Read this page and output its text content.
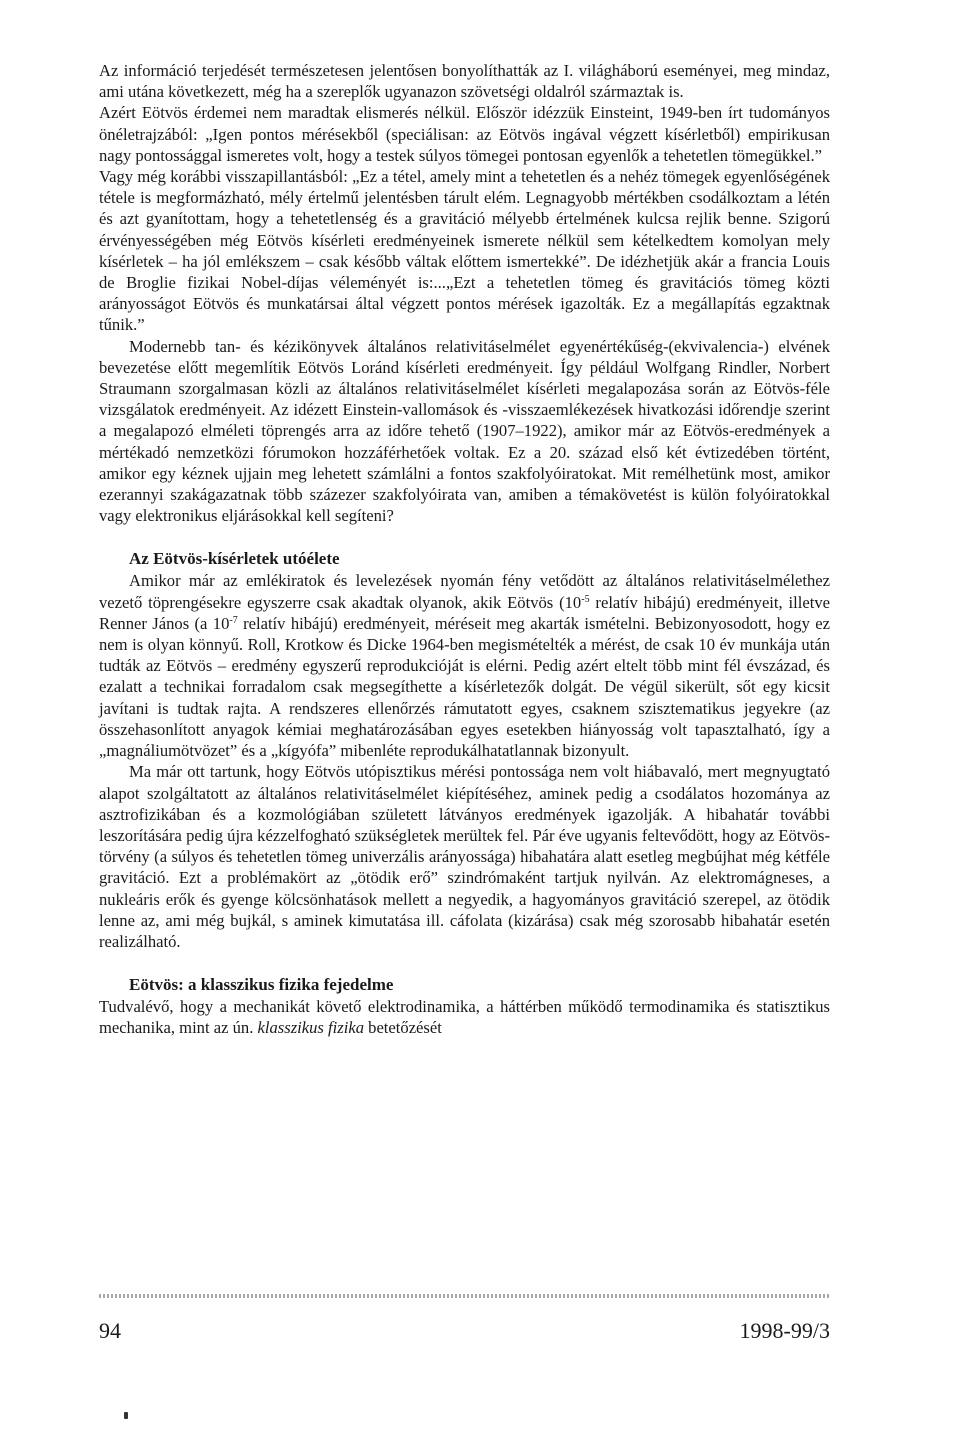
Az információ terjedését természetesen jelentősen bonyolíthatták az I. világháború eseményei, meg mindaz, ami utána következett, még ha a szereplők ugyanazon szövetségi oldalról származtak is.

Azért Eötvös érdemei nem maradtak elismerés nélkül. Először idézzük Einsteint, 1949-ben írt tudományos önéletrajzából: „Igen pontos mérésekből (speciálisan: az Eötvös ingával végzett kísérletből) empirikusan nagy pontossággal ismeretes volt, hogy a testek súlyos tömegei pontosan egyenlők a tehetetlen tömegükkel.”

Vagy még korábbi visszapillantásból: „Ez a tétel, amely mint a tehetetlen és a nehéz tömegek egyenlőségének tétele is megformázható, mély értelmű jelentésben tárult elém. Legnagyobb mértékben csodálkoztam a létén és azt gyanítottam, hogy a tehetetlenség és a gravitáció mélyebb értelmének kulcsa rejlik benne. Szigorú érvényességében még Eötvös kísérleti eredményeinek ismerete nélkül sem kételkedtem komolyan mely kísérletek – ha jól emlékszem – csak később váltak előttem ismertekké”. De idézhetjük akár a francia Louis de Broglie fizikai Nobel-díjas véleményét is:...„Ezt a tehetetlen tömeg és gravitációs tömeg közti arányosságot Eötvös és munkatársai által végzett pontos mérések igazolták. Ez a megállapítás egzaktnak tűnik.”

Modernebb tan- és kézikönyvek általános relativitáselmélet egyenértékűség-(ekvivalencia-) elvének bevezetése előtt megemlítik Eötvös Loránd kísérleti eredményeit. Így például Wolfgang Rindler, Norbert Straumann szorgalmasan közli az általános relativitáselmélet kísérleti megalapozása során az Eötvös-féle vizsgálatok eredményeit. Az idézett Einstein-vallomások és -visszaemlékezések hivatkozási időrendje szerint a megalapozó elméleti töprengés arra az időre tehető (1907–1922), amikor már az Eötvös-eredmények a mértékadó nemzetközi fórumokon hozzáférhetőek voltak. Ez a 20. század első két évtizedében történt, amikor egy kéznek ujjain meg lehetett számlálni a fontos szakfolyóiratokat. Mit remélhetünk most, amikor ezerannyi szakágazatnak több százezer szakfolyóirata van, amiben a témakövetést is külön folyóiratokkal vagy elektronikus eljárásokkal kell segíteni?

Az Eötvös-kísérletek utóélete

Amikor már az emlékiratok és levelezések nyomán fény vetődött az általános relativitáselmélethez vezető töprengésekre egyszerre csak akadtak olyanok, akik Eötvös ($10^{-5}$ relatív hibájú) eredményeit, illetve Renner János (a $10^{-7}$ relatív hibájú) eredményeit, méréseit meg akarták ismételni. Bebizonyosodott, hogy ez nem is olyan könnyű. Roll, Krotkow és Dicke 1964-ben megismételték a mérést, de csak 10 év munkája után tudták az Eötvös – eredmény egyszerű reprodukcióját is elérni. Pedig azért eltelt több mint fél évszázad, és ezalatt a technikai forradalom csak megsegíthette a kísérletezők dolgát. De végül sikerült, sőt egy kicsit javítani is tudtak rajta. A rendszeres ellenőrzés rámutatott egyes, csaknem szisztematikus jegyekre (az összehasonlított anyagok kémiai meghatározásában egyes esetekben hiányosság volt tapasztalható, így a „magnáliumötvözet” és a „kígyófa” mibenléte reprodukálhatatlannak bizonyult.

Ma már ott tartunk, hogy Eötvös utópisztikus mérési pontossága nem volt hiábavaló, mert megnyugtató alapot szolgáltatott az általános relativitáselmélet kiépítéséhez, aminek pedig a csodálatos hozománya az asztrofizikában és a kozmológiában született látványos eredmények igazolják. A hibahatár további leszorítására pedig újra kézzelfogható szükségletek merültek fel. Pár éve ugyanis feltevődött, hogy az Eötvös-törvény (a súlyos és tehetetlen tömeg univerzális arányossága) hibahatára alatt esetleg megbújhat még kétféle gravitáció. Ezt a problémakört az „ötödik erő” szindrómaként tartjuk nyilván. Az elektromágneses, a nukleáris erők és gyenge kölcsönhatások mellett a negyedik, a hagyományos gravitáció szerepel, az ötödik lenne az, ami még bujkál, s aminek kimutatása ill. cáfolata (kizárása) csak még szorosabb hibahatár esetén realizálható.

Eötvös: a klasszikus fizika fejedelme

Tudvalévő, hogy a mechanikát követő elektrodinamika, a háttérben működő termodinamika és statisztikus mechanika, mint az ún. klasszikus fizika betetőzését

94	1998-99/3
